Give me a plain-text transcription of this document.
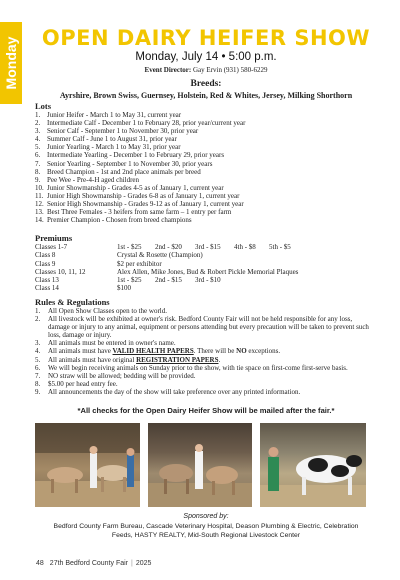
Monday OPEN DAIRY HEIFER SHOW
Monday, July 14 • 5:00 p.m.
Event Director: Gay Ervin (931) 580-6229
Breeds:
Ayrshire, Brown Swiss, Guernsey, Holstein, Red & Whites, Jersey, Milking Shorthorn
Lots
1. Junior Heifer - March 1 to May 31, current year
2. Intermediate Calf - December 1 to February 28, prior year/current year
3. Senior Calf - September 1 to November 30, prior year
4. Summer Calf - June 1 to August 31, prior year
5. Junior Yearling - March 1 to May 31, prior year
6. Intermediate Yearling - December 1 to February 29, prior years
7. Senior Yearling - September 1 to November 30, prior years
8. Breed Champion - 1st and 2nd place animals per breed
9. Pee Wee - Pre-4-H aged children
10. Junior Showmanship - Grades 4-5 as of January 1, current year
11. Junior High Showmanship - Grades 6-8 as of January 1, current year
12. Senior High Showmanship - Grades 9-12 as of January 1, current year
13. Best Three Females - 3 heifers from same farm – 1 entry per farm
14. Premier Champion - Chosen from breed champions
Premiums
Classes 1-7	1st - $25 2nd - $20 3rd - $15 4th - $8 5th - $5
Class 8	Crystal & Rosette (Champion)
Class 9	$2 per exhibitor
Classes 10, 11, 12	Alex Allen, Mike Jones, Bud & Robert Pickle Memorial Plaques
Class 13	1st - $25 2nd - $15 3rd - $10
Class 14	$100
Rules & Regulations
1. All Open Show Classes open to the world.
2. All livestock will be exhibited at owner's risk. Bedford County Fair will not be held responsible for any loss, damage or injury to any animal, equipment or persons attending but every precaution will be taken to prevent such loss, damage or injury.
3. All animals must be entered in owner's name.
4. All animals must have VALID HEALTH PAPERS. There will be NO exceptions.
5. All animals must have original REGISTRATION PAPERS.
6. We will begin receiving animals on Sunday prior to the show, with tie space on first-come first-serve basis.
7. NO straw will be allowed; bedding will be provided.
8. $5.00 per head entry fee.
9. All announcements the day of the show will take preference over any printed information.
*All checks for the Open Dairy Heifer Show will be mailed after the fair.*
Sponsored by:
Bedford County Farm Bureau, Cascade Veterinary Hospital, Deason Plumbing & Electric, Celebration Feeds, HASTY REALTY, Mid-South Regional Livestock Center
48 27th Bedford County Fair | 2025
